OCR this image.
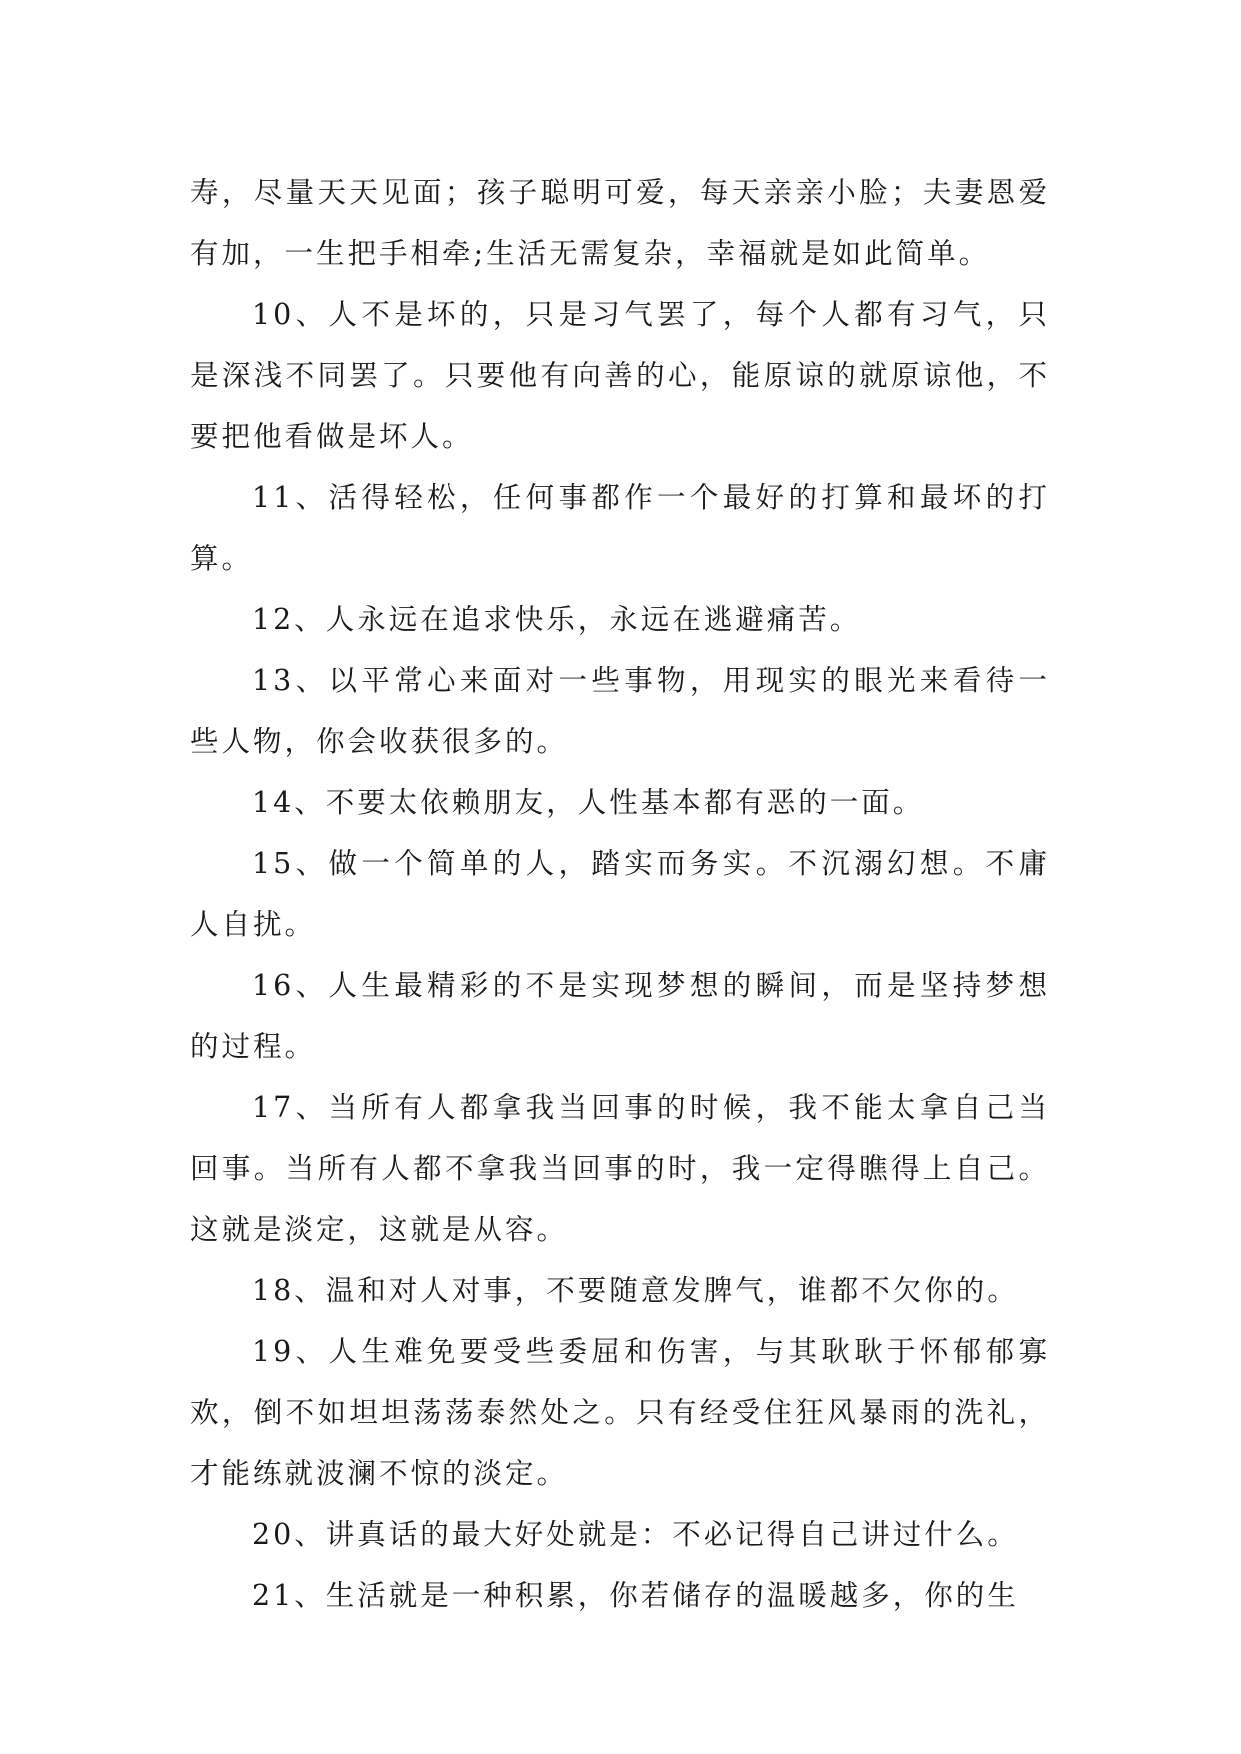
寿，尽量天天见面；孩子聪明可爱，每天亲亲小脸；夫妻恩爱有加，一生把手相牵;生活无需复杂，幸福就是如此简单。

10、人不是坏的，只是习气罢了，每个人都有习气，只是深浅不同罢了。只要他有向善的心，能原谅的就原谅他，不要把他看做是坏人。

11、活得轻松，任何事都作一个最好的打算和最坏的打算。

12、人永远在追求快乐，永远在逃避痛苦。

13、以平常心来面对一些事物，用现实的眼光来看待一些人物，你会收获很多的。

14、不要太依赖朋友，人性基本都有恶的一面。

15、做一个简单的人，踏实而务实。不沉溺幻想。不庸人自扰。

16、人生最精彩的不是实现梦想的瞬间，而是坚持梦想的过程。

17、当所有人都拿我当回事的时候，我不能太拿自己当回事。当所有人都不拿我当回事的时，我一定得瞧得上自己。这就是淡定，这就是从容。

18、温和对人对事，不要随意发脾气，谁都不欠你的。

19、人生难免要受些委屈和伤害，与其耿耿于怀郁郁寡欢，倒不如坦坦荡荡泰然处之。只有经受住狂风暴雨的洗礼，才能练就波澜不惊的淡定。

20、讲真话的最大好处就是：不必记得自己讲过什么。

21、生活就是一种积累，你若储存的温暖越多，你的生
